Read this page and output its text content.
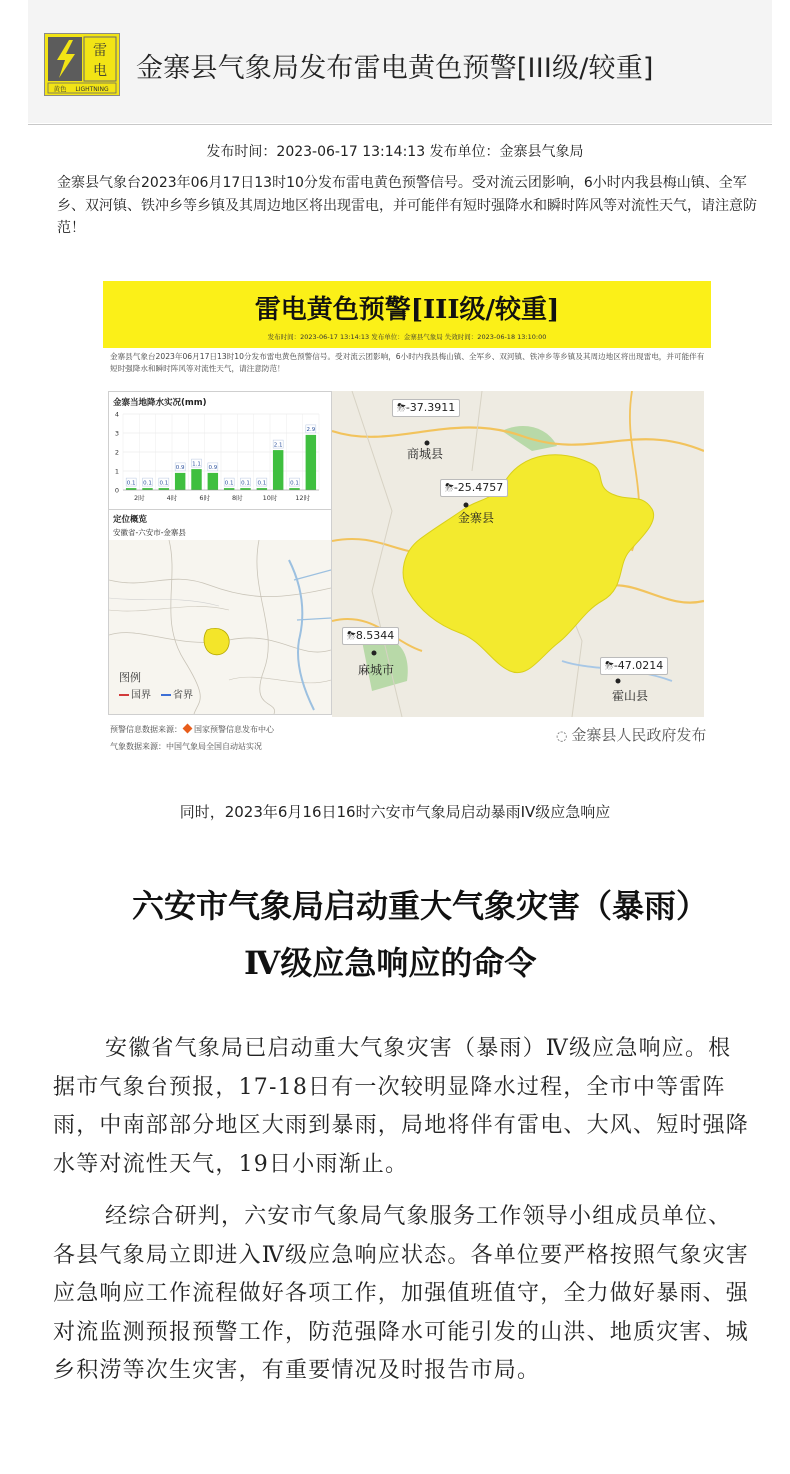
雷
电
黄色 LIGHTNING
金寨县气象局发布雷电黄色预警[III级/较重]
发布时间：2023-06-17 13:14:13 发布单位：金寨县气象局
金寨县气象台2023年06月17日13时10分发布雷电黄色预警信号。受对流云团影响，6小时内我县梅山镇、全军乡、双河镇、铁冲乡等乡镇及其周边地区将出现雷电，并可能伴有短时强降水和瞬时阵风等对流性天气，请注意防范！
雷电黄色预警[III级/较重]
发布时间：2023-06-17 13:14:13 发布单位：金寨县气象局 失效时间：2023-06-18 13:10:00
金寨县气象台2023年06月17日13时10分发布雷电黄色预警信号。受对流云团影响，6小时内我县梅山镇、全军乡、双河镇、铁冲乡等乡镇及其周边地区将出现雷电，并可能伴有短时强降水和瞬时阵风等对流性天气，请注意防范！
金寨当地降水实况(mm)
0
1
2
3
4
0.1 0.1 0.1
0.9
1.1
0.9
0.1 0.1 0.1
2.1
0.1
2.9
2时	4时	6时	8时	10时	12时
定位概览
安徽省-六安市-金寨县
图例
国界 省界
⛈-37.3911
商城县
⛈-25.4757
金寨县
⛈8.5344
麻城市	⛈-47.0214
霍山县
预警信息数据来源： 国家预警信息发布中心
气象数据来源：中国气象局全国自动站实况
◌ 金寨县人民政府发布
同时，2023年6月16日16时六安市气象局启动暴雨IV级应急响应
六安市气象局启动重大气象灾害（暴雨）
Ⅳ级应急响应的命令

安徽省气象局已启动重大气象灾害（暴雨）Ⅳ级应急响应。根据市气象台预报，17-18日有一次较明显降水过程，全市中等雷阵雨，中南部部分地区大雨到暴雨，局地将伴有雷电、大风、短时强降水等对流性天气，19日小雨渐止。

经综合研判，六安市气象局气象服务工作领导小组成员单位、各县气象局立即进入Ⅳ级应急响应状态。各单位要严格按照气象灾害应急响应工作流程做好各项工作，加强值班值守，全力做好暴雨、强对流监测预报预警工作，防范强降水可能引发的山洪、地质灾害、城乡积涝等次生灾害，有重要情况及时报告市局。
